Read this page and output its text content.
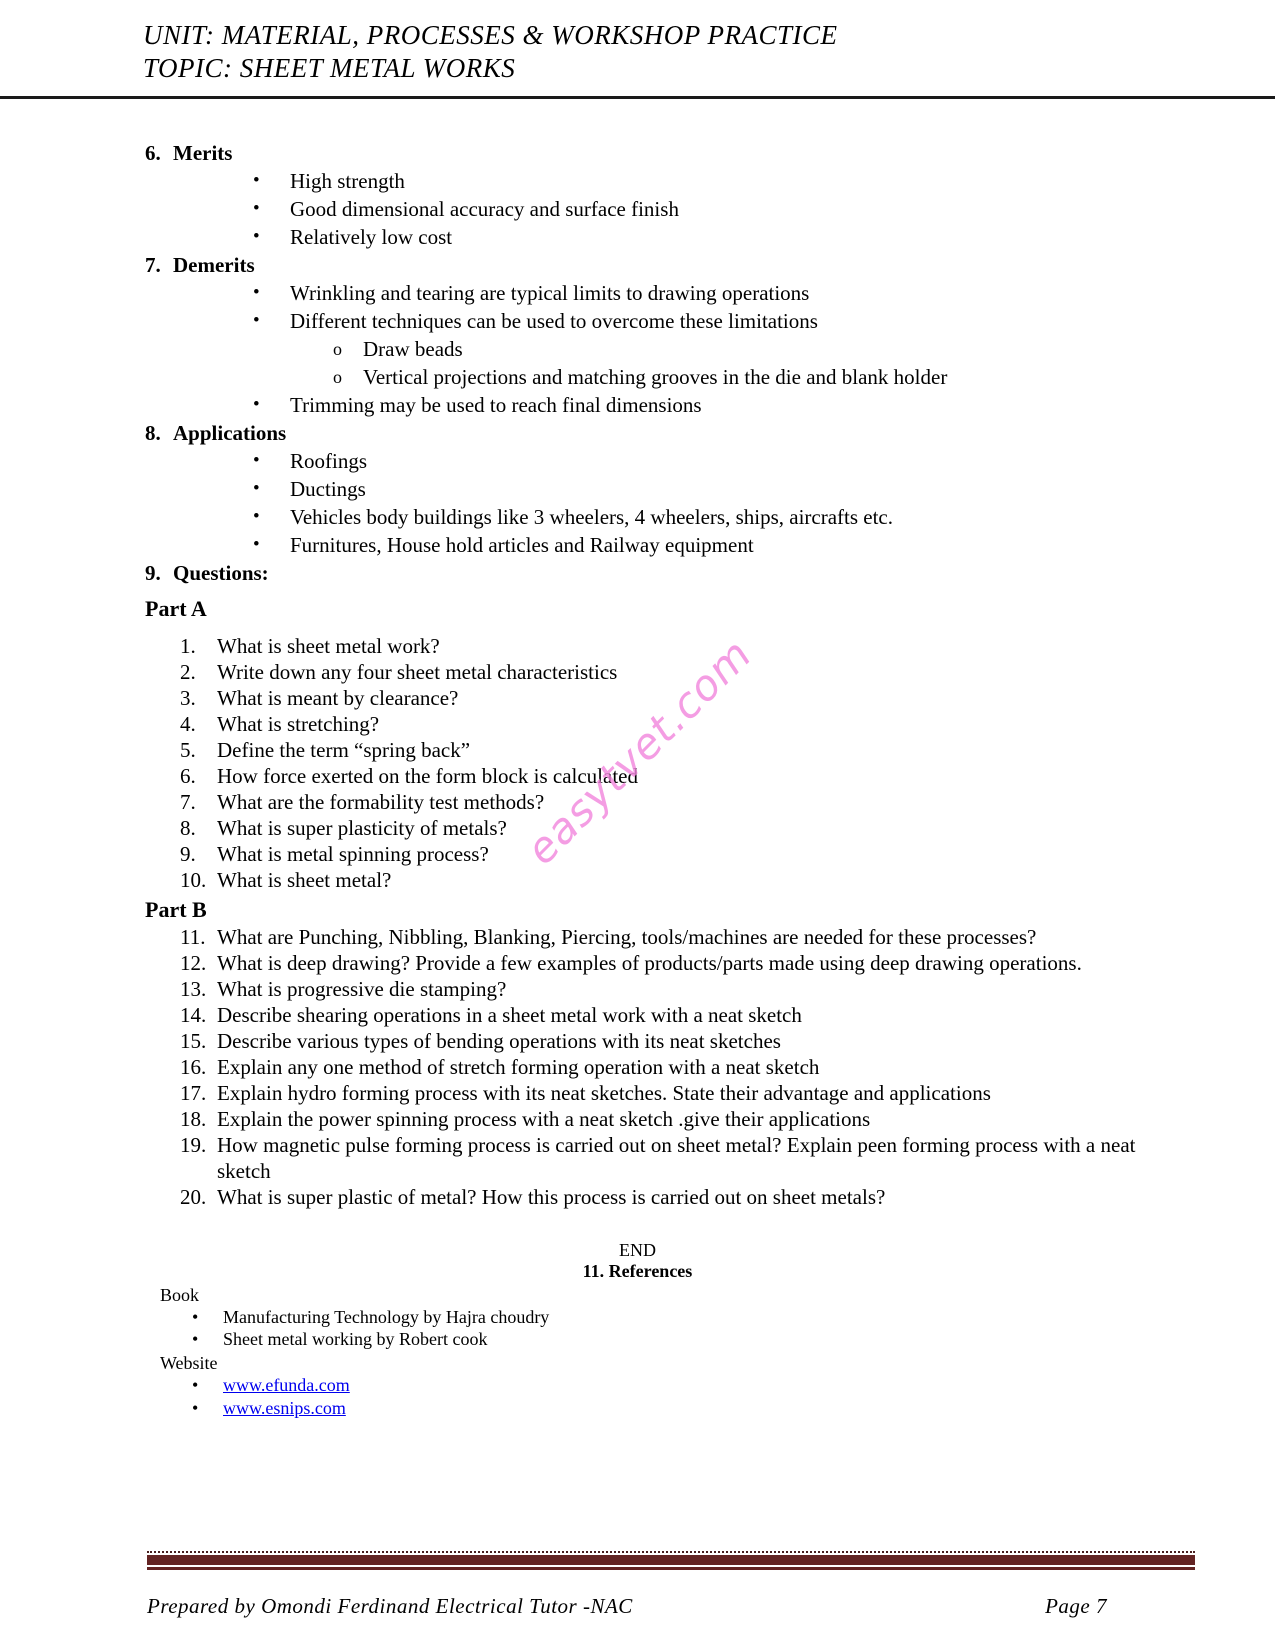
UNIT: MATERIAL, PROCESSES & WORKSHOP PRACTICE
TOPIC: SHEET METAL WORKS
easytvet.com
6. Merits
•	High strength
•	Good dimensional accuracy and surface finish
•	Relatively low cost
7. Demerits
•	Wrinkling and tearing are typical limits to drawing operations
•	Different techniques can be used to overcome these limitations
o	Draw beads
o	Vertical projections and matching grooves in the die and blank holder
•	Trimming may be used to reach final dimensions
8. Applications
•	Roofings
•	Ductings
•	Vehicles body buildings like 3 wheelers, 4 wheelers, ships, aircrafts etc.
•	Furnitures, House hold articles and Railway equipment
9. Questions:
Part A
1.	What is sheet metal work?
2.	Write down any four sheet metal characteristics
3.	What is meant by clearance?
4.	What is stretching?
5.	Define the term “spring back”
6.	How force exerted on the form block is calculated
7.	What are the formability test methods?
8.	What is super plasticity of metals?
9.	What is metal spinning process?
10. What is sheet metal?
Part B
11. What are Punching, Nibbling, Blanking, Piercing, tools/machines are needed for these processes?
12. What is deep drawing? Provide a few examples of products/parts made using deep drawing operations.
13. What is progressive die stamping?
14. Describe shearing operations in a sheet metal work with a neat sketch
15. Describe various types of bending operations with its neat sketches
16. Explain any one method of stretch forming operation with a neat sketch
17. Explain hydro forming process with its neat sketches. State their advantage and applications
18. Explain the power spinning process with a neat sketch .give their applications
19. How magnetic pulse forming process is carried out on sheet metal? Explain peen forming process with a neat sketch
20. What is super plastic of metal? How this process is carried out on sheet metals?
END
11. References
Book
•	Manufacturing Technology by Hajra choudry
•	Sheet metal working by Robert cook
Website
•	www.efunda.com
•	www.esnips.com
Prepared by Omondi Ferdinand Electrical Tutor -NAC	Page 7
